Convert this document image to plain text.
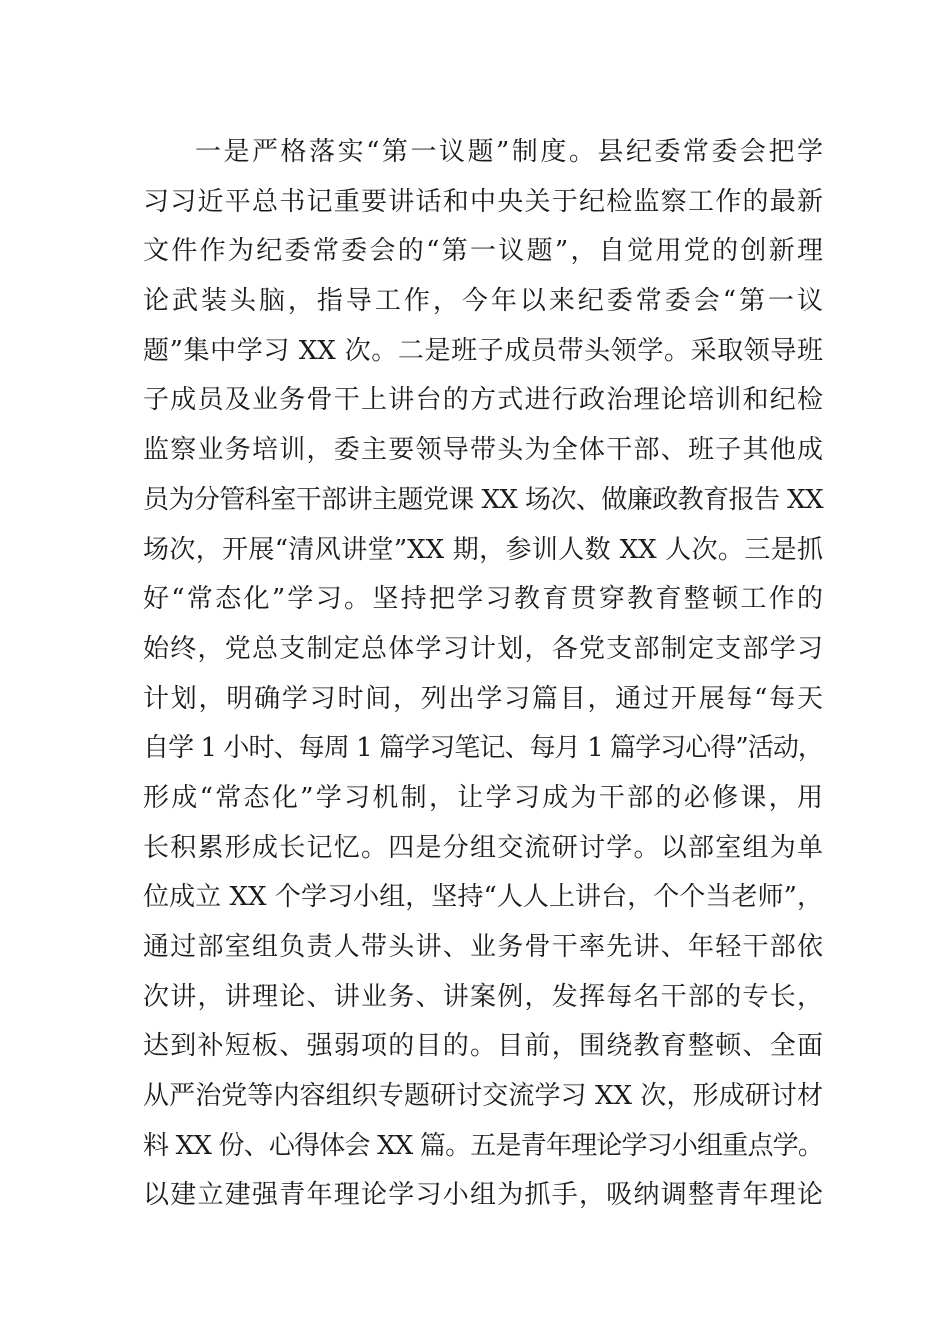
一是严格落实“第一议题”制度。县纪委常委会把学
习习近平总书记重要讲话和中央关于纪检监察工作的最新
文件作为纪委常委会的“第一议题”，自觉用党的创新理
论武装头脑，指导工作，今年以来纪委常委会“第一议
题”集中学习 XX 次。二是班子成员带头领学。采取领导班
子成员及业务骨干上讲台的方式进行政治理论培训和纪检
监察业务培训，委主要领导带头为全体干部、班子其他成
员为分管科室干部讲主题党课 XX 场次、做廉政教育报告 XX
场次，开展“清风讲堂”XX 期，参训人数 XX 人次。三是抓
好“常态化”学习。坚持把学习教育贯穿教育整顿工作的
始终，党总支制定总体学习计划，各党支部制定支部学习
计划，明确学习时间，列出学习篇目，通过开展每“每天
自学 1 小时、每周 1 篇学习笔记、每月 1 篇学习心得”活动，
形成“常态化”学习机制，让学习成为干部的必修课，用
长积累形成长记忆。四是分组交流研讨学。以部室组为单
位成立 XX 个学习小组，坚持“人人上讲台，个个当老师”，
通过部室组负责人带头讲、业务骨干率先讲、年轻干部依
次讲，讲理论、讲业务、讲案例，发挥每名干部的专长，
达到补短板、强弱项的目的。目前，围绕教育整顿、全面
从严治党等内容组织专题研讨交流学习 XX 次，形成研讨材
料 XX 份、心得体会 XX 篇。五是青年理论学习小组重点学。
以建立建强青年理论学习小组为抓手，吸纳调整青年理论
